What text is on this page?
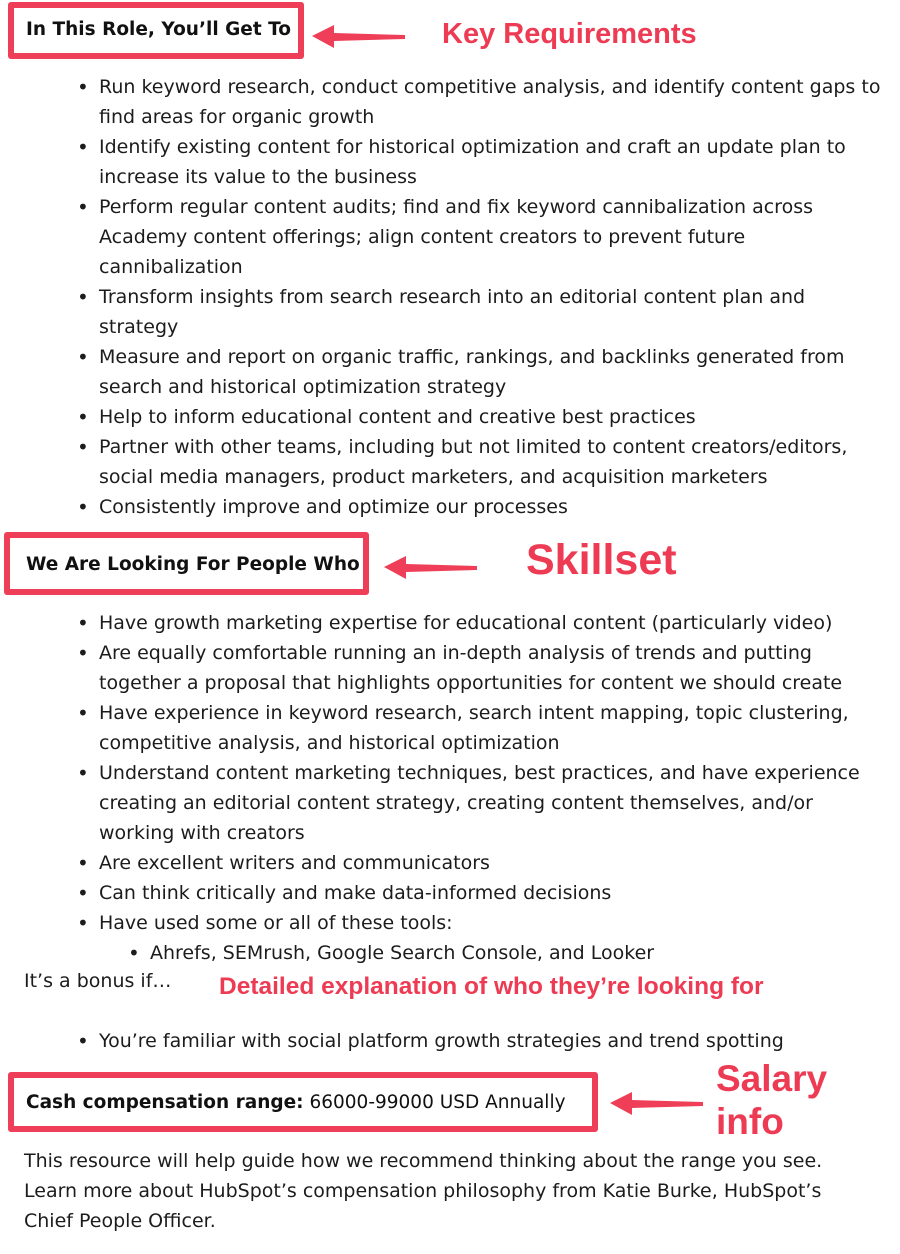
In This Role, You’ll Get To	Key Requirements
• Run keyword research, conduct competitive analysis, and identify content gaps to find areas for organic growth
• Identify existing content for historical optimization and craft an update plan to increase its value to the business
• Perform regular content audits; find and fix keyword cannibalization across Academy content offerings; align content creators to prevent future cannibalization
• Transform insights from search research into an editorial content plan and strategy
• Measure and report on organic traffic, rankings, and backlinks generated from search and historical optimization strategy
• Help to inform educational content and creative best practices
• Partner with other teams, including but not limited to content creators/editors, social media managers, product marketers, and acquisition marketers
• Consistently improve and optimize our processes
We Are Looking For People Who	Skillset
• Have growth marketing expertise for educational content (particularly video)
• Are equally comfortable running an in-depth analysis of trends and putting together a proposal that highlights opportunities for content we should create
• Have experience in keyword research, search intent mapping, topic clustering, competitive analysis, and historical optimization
• Understand content marketing techniques, best practices, and have experience creating an editorial content strategy, creating content themselves, and/or working with creators
• Are excellent writers and communicators
• Can think critically and make data-informed decisions
• Have used some or all of these tools:
• Ahrefs, SEMrush, Google Search Console, and Looker

It’s a bonus if… Detailed explanation of who they’re looking for
• You’re familiar with social platform growth strategies and trend spotting
Cash compensation range: 66000-99000 USD Annually
Salary
info

This resource will help guide how we recommend thinking about the range you see. Learn more about HubSpot’s compensation philosophy from Katie Burke, HubSpot’s Chief People Officer.
